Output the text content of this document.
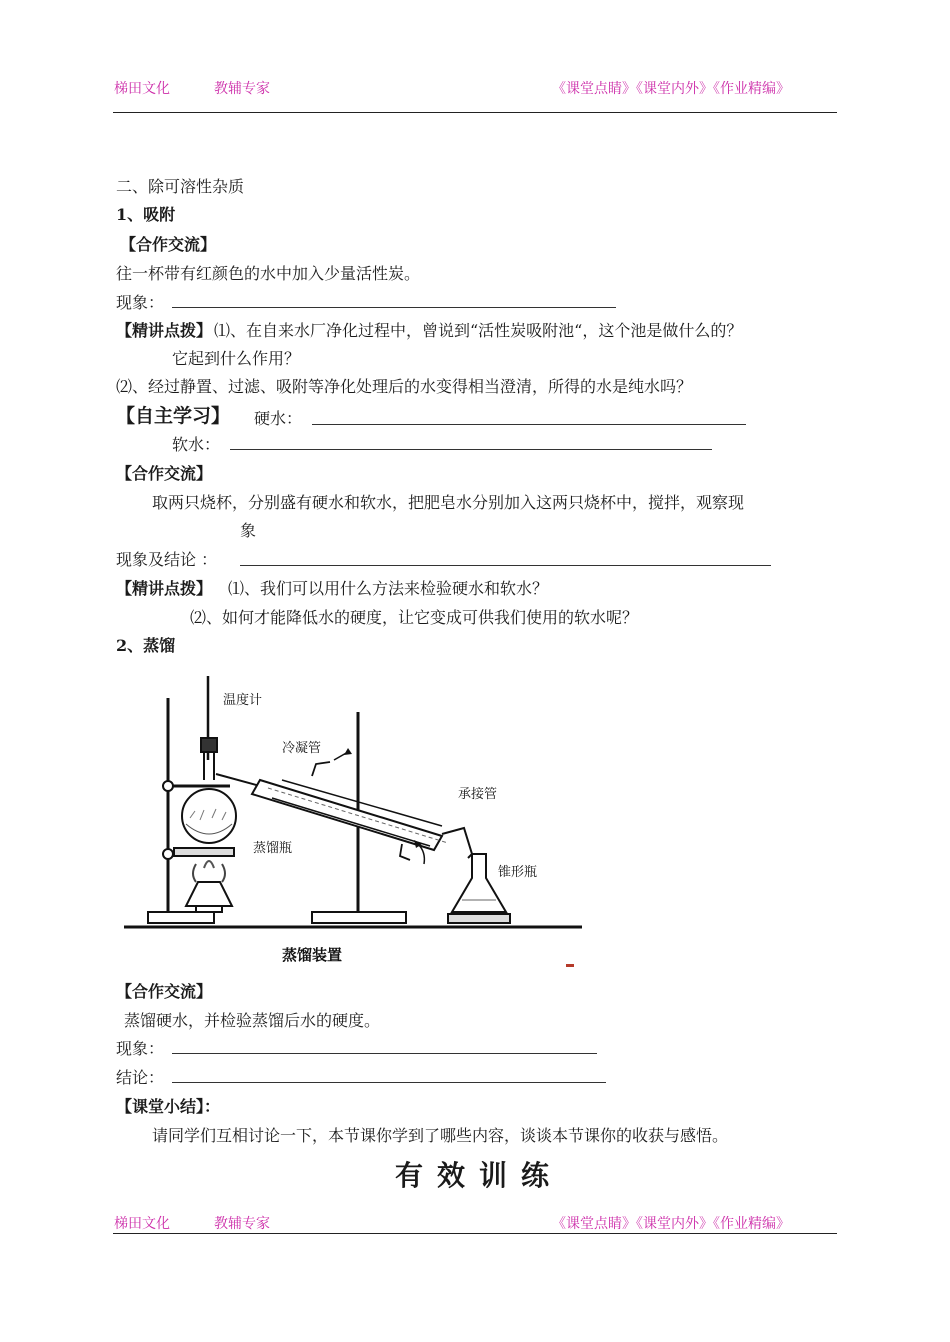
梯田文化	教辅专家	《课堂点睛》《课堂内外》《作业精编》
二、除可溶性杂质
1、吸附
【合作交流】
往一杯带有红颜色的水中加入少量活性炭。
现象：
【精讲点拨】 ⑴、在自来水厂净化过程中，曾说到“活性炭吸附池“，这个池是做什么的？
它起到什么作用？
⑵、经过静置、过滤、吸附等净化处理后的水变得相当澄清，所得的水是纯水吗？
【自主学习】 硬水：
软水：
【合作交流】
取两只烧杯，分别盛有硬水和软水，把肥皂水分别加入这两只烧杯中，搅拌，观察现
象
现象及结论 ：
【精讲点拨】 ⑴、我们可以用什么方法来检验硬水和软水？
⑵、如何才能降低水的硬度，让它变成可供我们使用的软水呢？
2、蒸馏
温度计
冷凝管
承接管
蒸馏瓶
锥形瓶
蒸馏装置
【合作交流】
蒸馏硬水，并检验蒸馏后水的硬度。
现象：
结论：
【课堂小结】：
请同学们互相讨论一下，本节课你学到了哪些内容，谈谈本节课你的收获与感悟。
有效训练
梯田文化	教辅专家	《课堂点睛》《课堂内外》《作业精编》
